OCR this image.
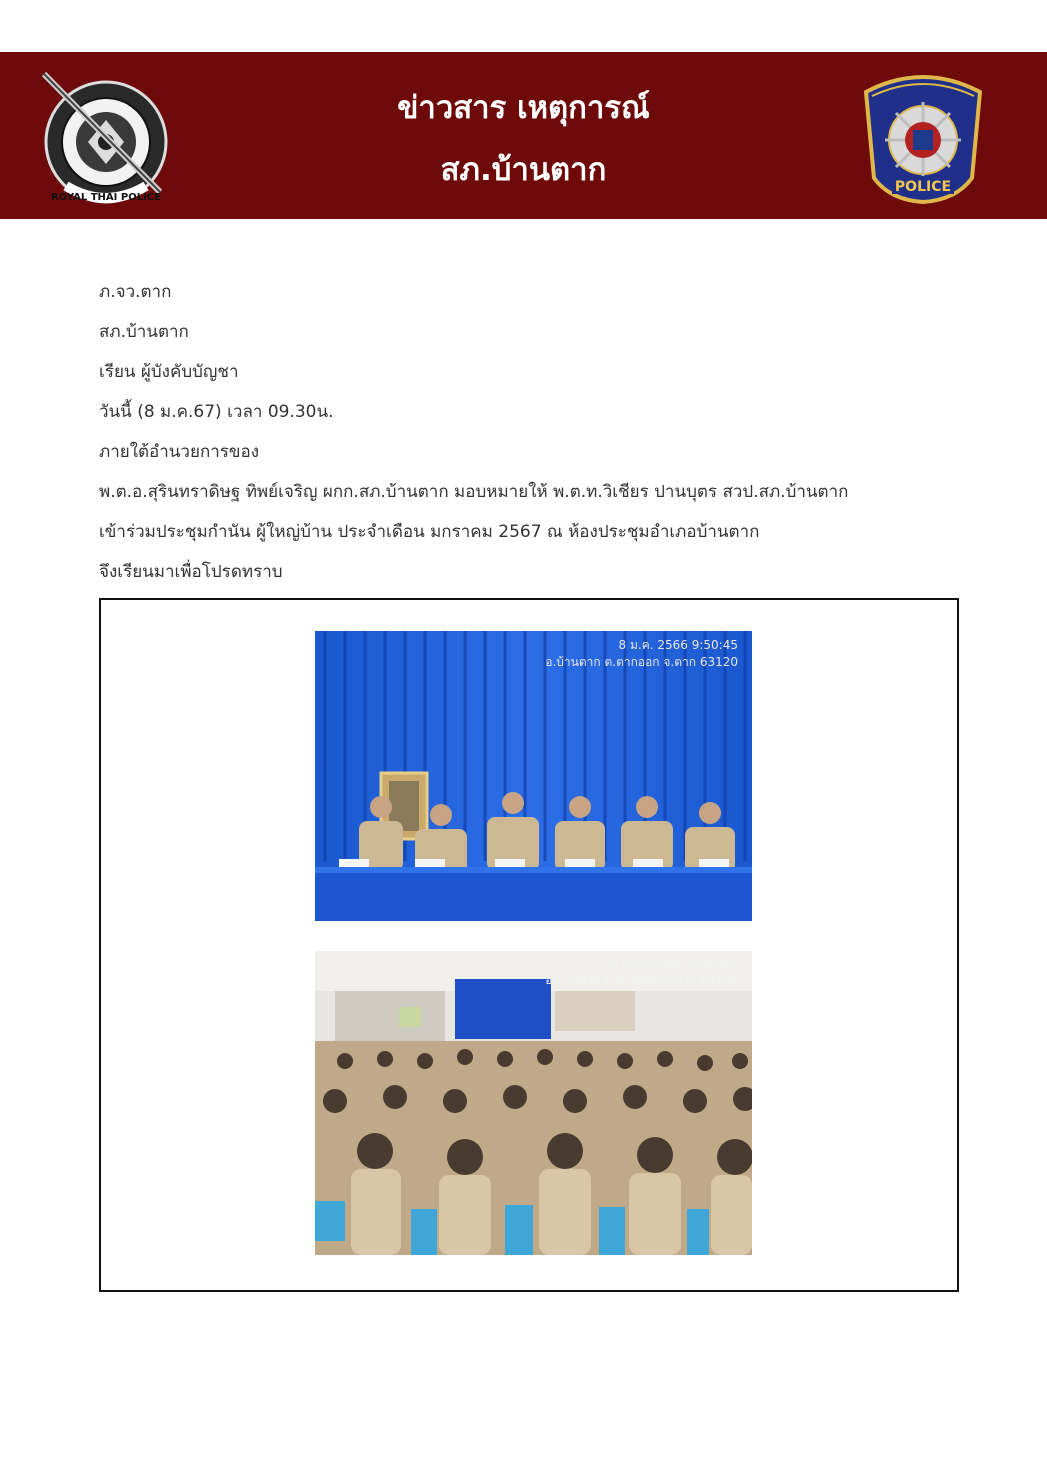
ROYAL THAI POLICE
ข่าวสาร เหตุการณ์
สภ.บ้านตาก	POLICE
ภ.จว.ตาก
สภ.บ้านตาก
เรียน ผู้บังคับบัญชา
วันนี้ (8 ม.ค.67) เวลา 09.30น.
ภายใต้อำนวยการของ
พ.ต.อ.สุรินทราดิษฐ ทิพย์เจริญ ผกก.สภ.บ้านตาก มอบหมายให้ พ.ต.ท.วิเชียร ปานบุตร สวป.สภ.บ้านตาก
เข้าร่วมประชุมกำนัน ผู้ใหญ่บ้าน ประจำเดือน มกราคม 2567 ณ ห้องประชุมอำเภอบ้านตาก
จึงเรียนมาเพื่อโปรดทราบ
8 ม.ค. 2566 9:50:45
อ.บ้านตาก ต.ตากออก จ.ตาก 63120
8 ม.ค. 2566 10:02:45
อ.บ้านตาก ต.ตากออก จ.ตาก 63120
